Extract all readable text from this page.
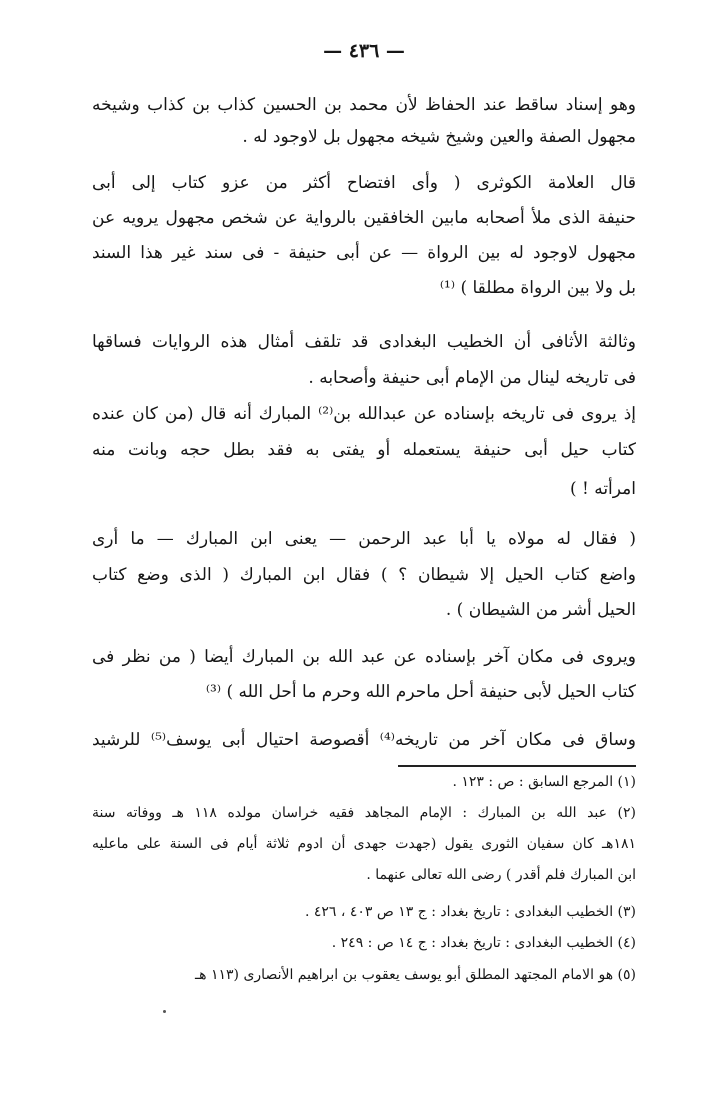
— ٤٣٦ —
وهو إسناد ساقط عند الحفاظ لأن محمد بن الحسين كذاب بن كذاب وشيخه
مجهول الصفة والعين وشيخ شيخه مجهول بل لاوجود له .
قال العلامة الكوثرى ( وأى افتضاح أكثر من عزو كتاب إلى أبى
حنيفة الذى ملأ أصحابه مابين الخافقين بالرواية عن شخص مجهول يرويه عن
مجهول لاوجود له بين الرواة — عن أبى حنيفة - فى سند غير هذا السند
بل ولا بين الرواة مطلقا ) ⁽¹⁾
وثالثة الأثافى أن الخطيب البغدادى قد تلقف أمثال هذه الروايات فساقها
فى تاريخه لينال من الإمام أبى حنيفة وأصحابه .
إذ يروى فى تاريخه بإسناده عن عبدالله بن⁽²⁾ المبارك أنه قال (من كان عنده
كتاب حيل أبى حنيفة يستعمله أو يفتى به فقد بطل حجه وبانت منه
امرأته ! )
( فقال له مولاه يا أبا عبد الرحمن — يعنى ابن المبارك — ما أرى
واضع كتاب الحيل إلا شيطان ؟ ) فقال ابن المبارك ( الذى وضع كتاب
الحيل أشر من الشيطان ) .
ويروى فى مكان آخر بإسناده عن عبد الله بن المبارك أيضا ( من نظر فى
كتاب الحيل لأبى حنيفة أحل ماحرم الله وحرم ما أحل الله ) ⁽³⁾
وساق فى مكان آخر من تاريخه⁽⁴⁾ أقصوصة احتيال أبى يوسف⁽⁵⁾ للرشيد
(١) المرجع السابق : ص : ١٢٣ .
(٢) عبد الله بن المبارك : الإمام المجاهد فقيه خراسان مولده ١١٨ هـ ووفاته سنة
١٨١هـ كان سفيان الثورى يقول (جهدت جهدى أن ادوم ثلاثة أيام فى السنة على ماعليه
ابن المبارك فلم أقدر ) رضى الله تعالى عنهما .
(٣) الخطيب البغدادى : تاريخ بغداد : ج ١٣ ص ٤٠٣ ، ٤٢٦ .
(٤) الخطيب البغدادى : تاريخ بغداد : ج ١٤ ص : ٢٤٩ .
(٥) هو الامام المجتهد المطلق أبو يوسف يعقوب بن ابراهيم الأنصارى (١١٣ هـ
